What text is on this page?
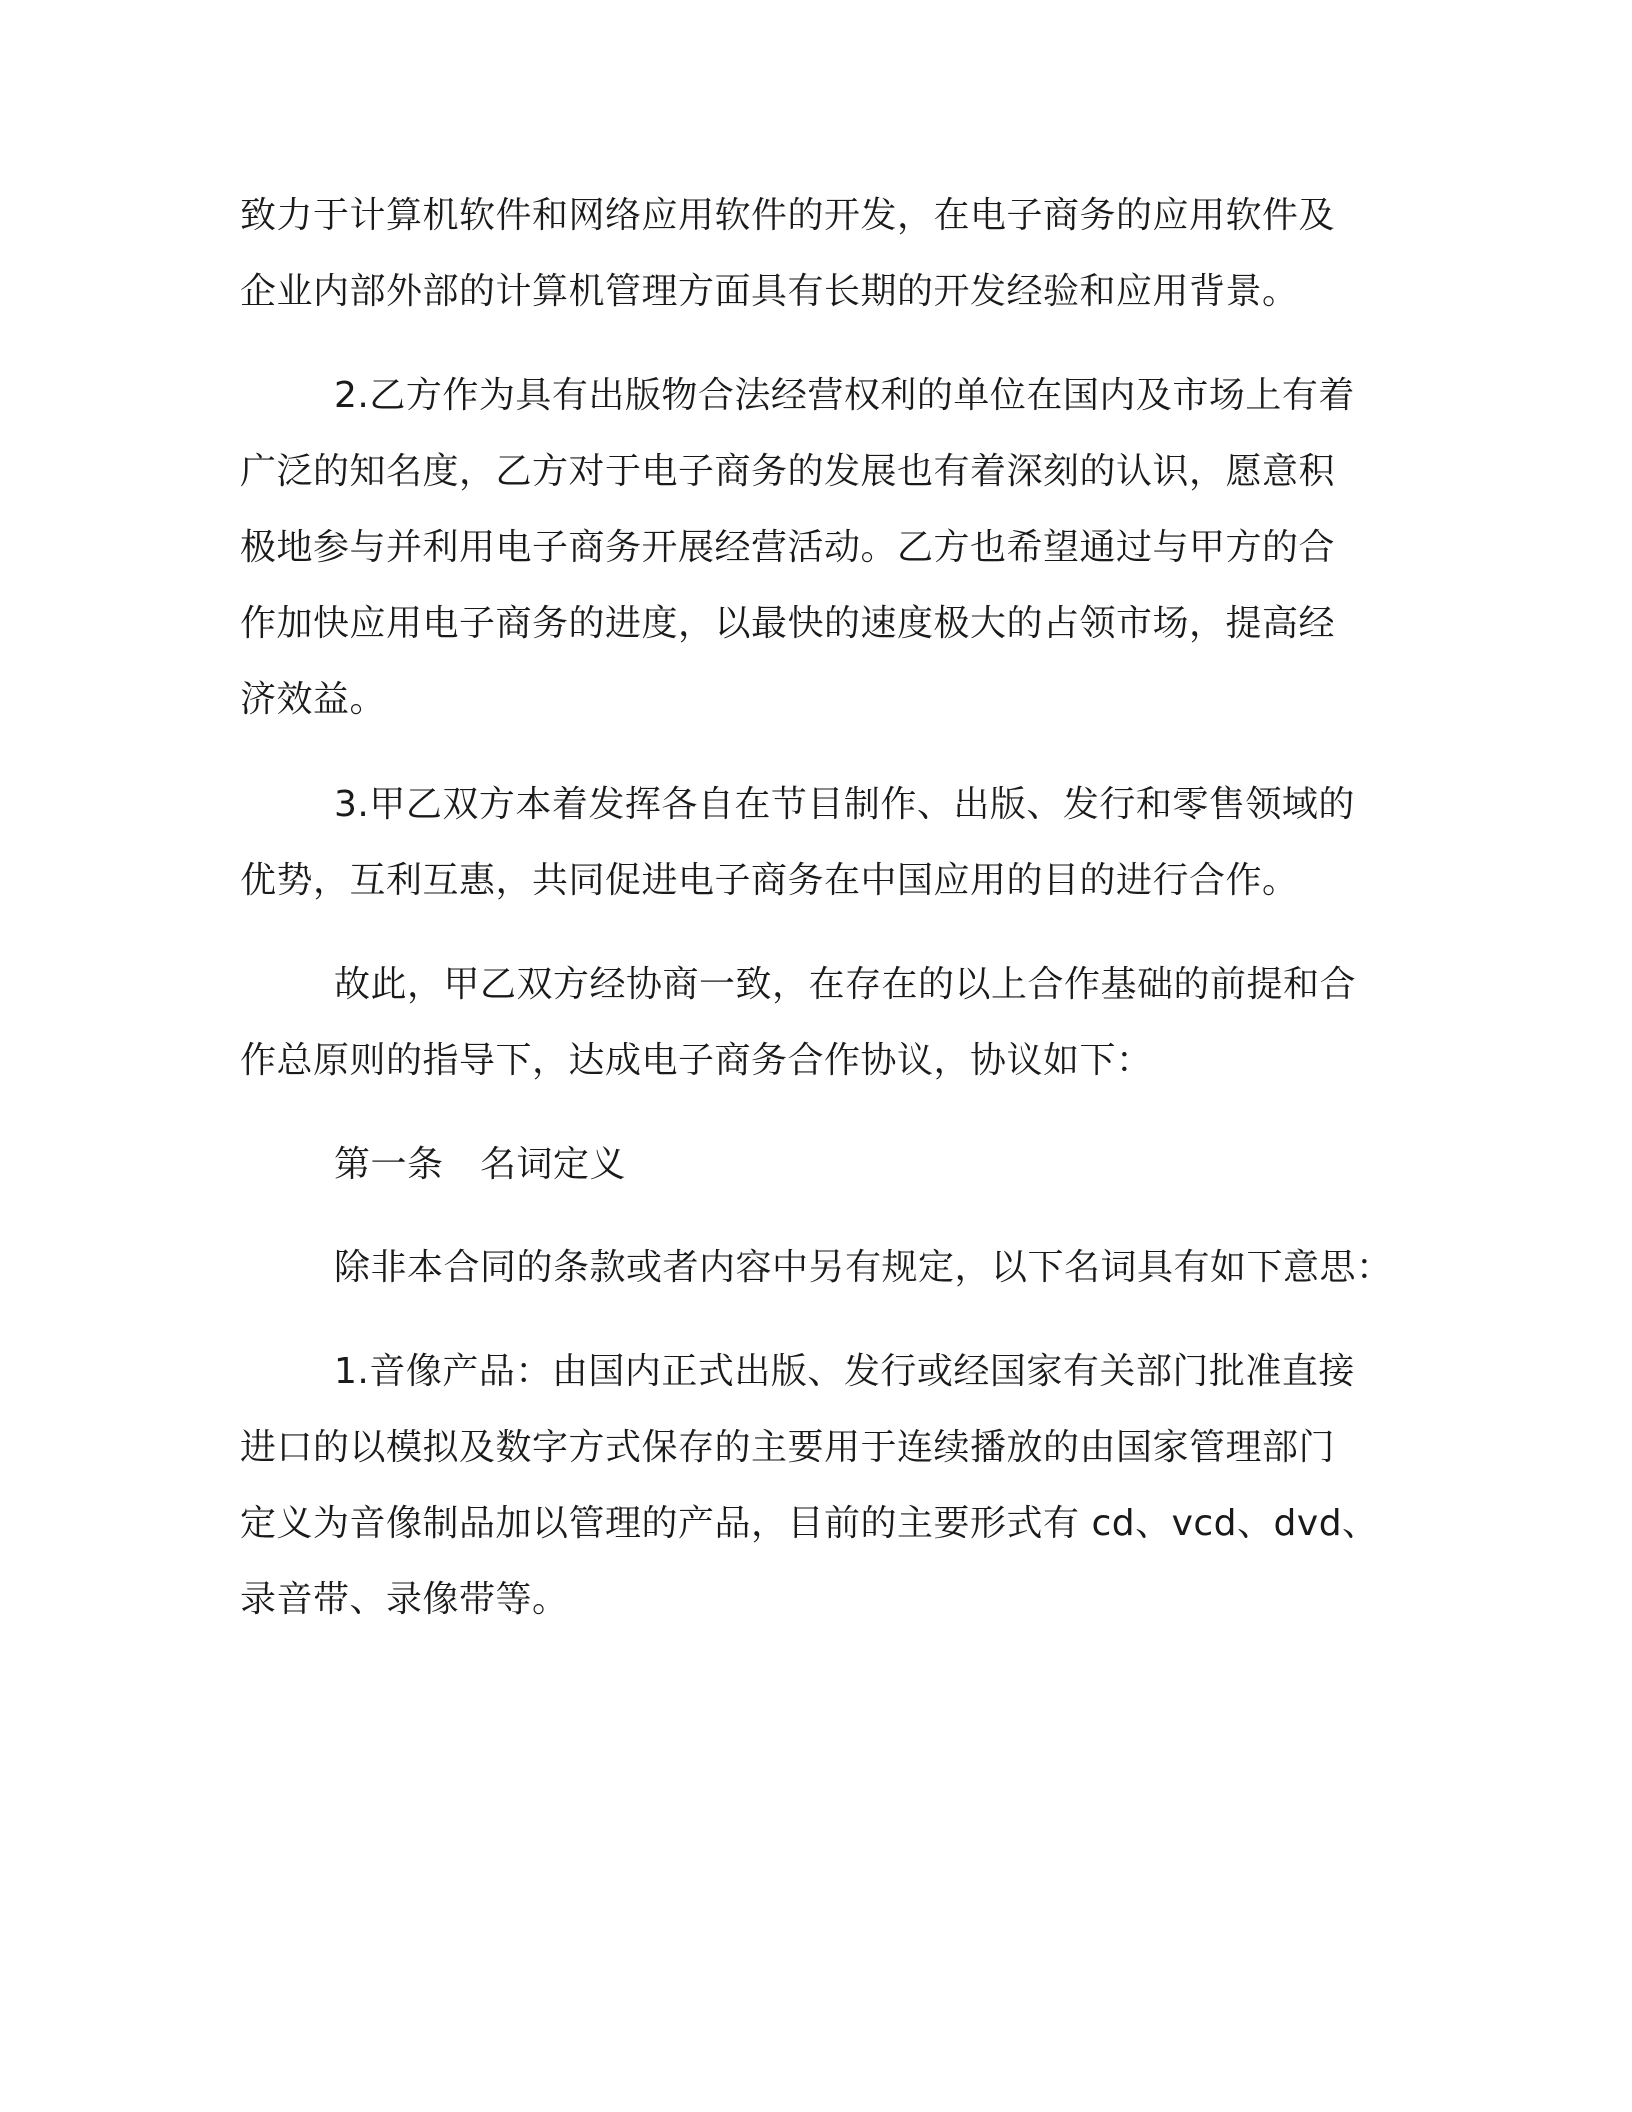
致力于计算机软件和网络应用软件的开发，在电子商务的应用软件及
企业内部外部的计算机管理方面具有长期的开发经验和应用背景。
2.乙方作为具有出版物合法经营权利的单位在国内及市场上有着
广泛的知名度，乙方对于电子商务的发展也有着深刻的认识，愿意积
极地参与并利用电子商务开展经营活动。乙方也希望通过与甲方的合
作加快应用电子商务的进度，以最快的速度极大的占领市场，提高经
济效益。
3.甲乙双方本着发挥各自在节目制作、出版、发行和零售领域的
优势，互利互惠，共同促进电子商务在中国应用的目的进行合作。
故此，甲乙双方经协商一致，在存在的以上合作基础的前提和合
作总原则的指导下，达成电子商务合作协议，协议如下：
第一条　名词定义
除非本合同的条款或者内容中另有规定，以下名词具有如下意思：
1.音像产品：由国内正式出版、发行或经国家有关部门批准直接
进口的以模拟及数字方式保存的主要用于连续播放的由国家管理部门
定义为音像制品加以管理的产品，目前的主要形式有 cd、vcd、dvd、
录音带、录像带等。
